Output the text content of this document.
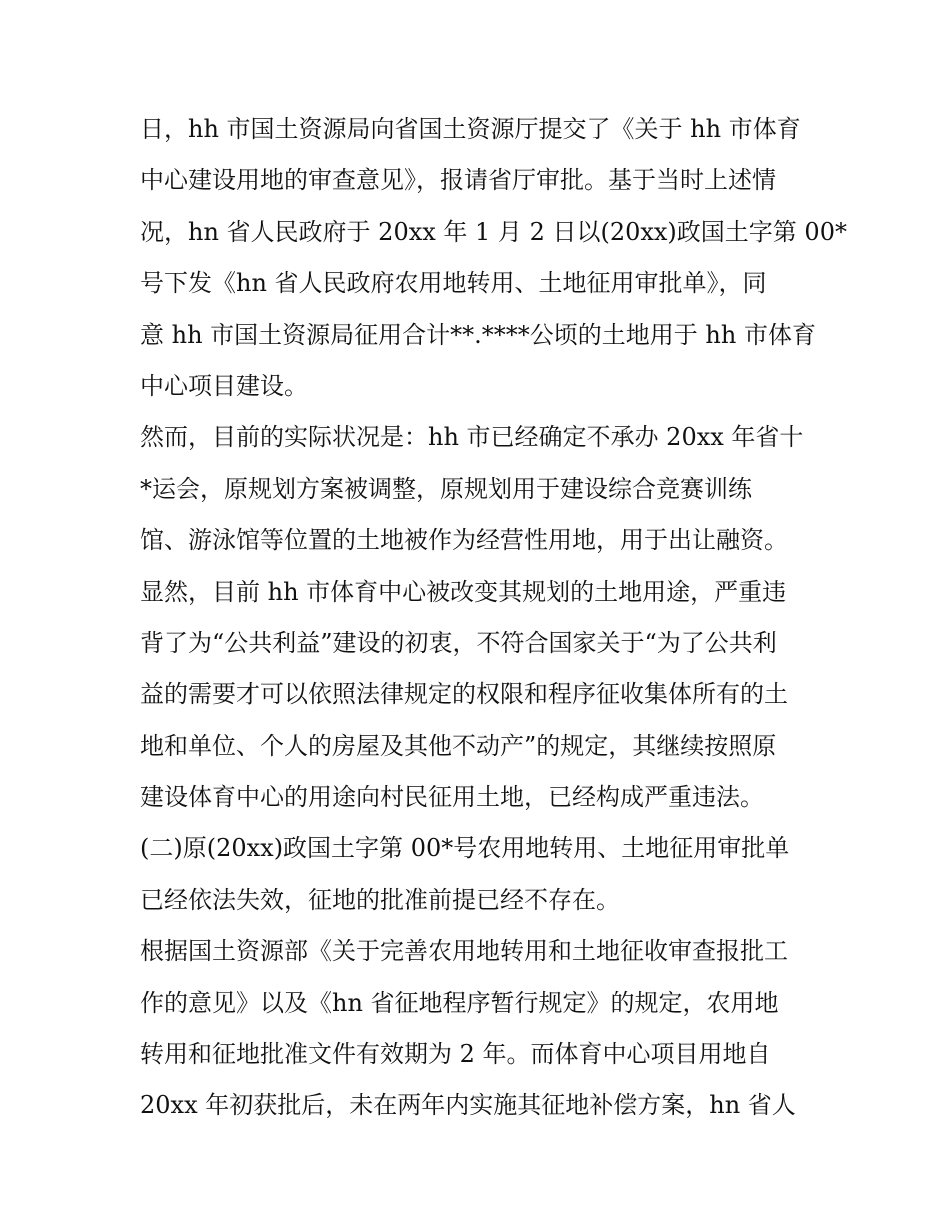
日，hh 市国土资源局向省国土资源厅提交了《关于 hh 市体育
中心建设用地的审查意见》，报请省厅审批。基于当时上述情
况，hn 省人民政府于 20xx 年 1 月 2 日以(20xx)政国土字第 00*
号下发《hn 省人民政府农用地转用、土地征用审批单》，同
意 hh 市国土资源局征用合计**.****公顷的土地用于 hh 市体育
中心项目建设。
然而，目前的实际状况是：hh 市已经确定不承办 20xx 年省十
*运会，原规划方案被调整，原规划用于建设综合竞赛训练
馆、游泳馆等位置的土地被作为经营性用地，用于出让融资。
显然，目前 hh 市体育中心被改变其规划的土地用途，严重违
背了为“公共利益”建设的初衷，不符合国家关于“为了公共利
益的需要才可以依照法律规定的权限和程序征收集体所有的土
地和单位、个人的房屋及其他不动产”的规定，其继续按照原
建设体育中心的用途向村民征用土地，已经构成严重违法。
(二)原(20xx)政国土字第 00*号农用地转用、土地征用审批单
已经依法失效，征地的批准前提已经不存在。
根据国土资源部《关于完善农用地转用和土地征收审查报批工
作的意见》以及《hn 省征地程序暂行规定》的规定，农用地
转用和征地批准文件有效期为 2 年。而体育中心项目用地自
20xx 年初获批后，未在两年内实施其征地补偿方案，hn 省人
